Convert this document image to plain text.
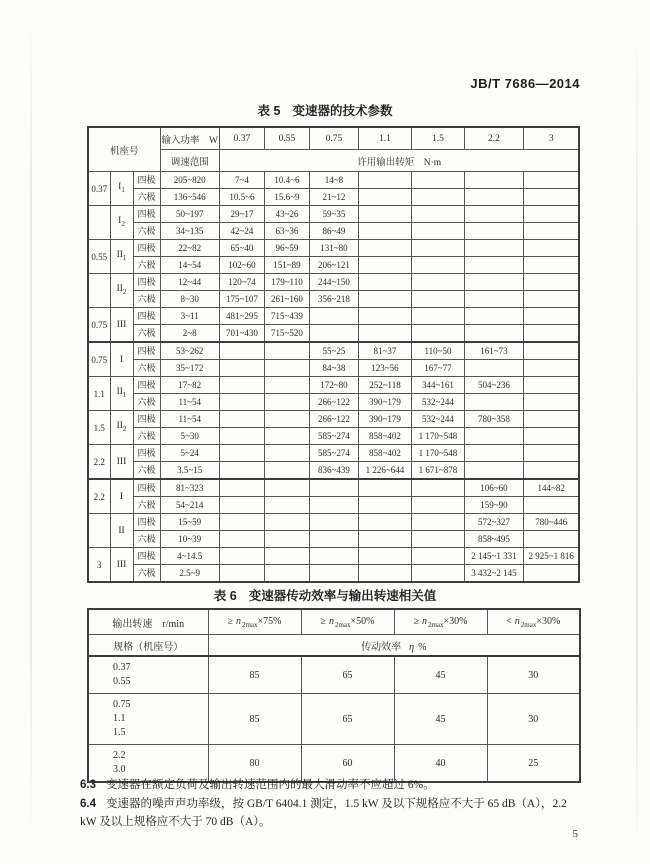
JB/T 7686—2014
表 5 变速器的技术参数
机座号			输入功率　W	0.37	0.55	0.75	1.1	1.5	2.2	3
			调速范围	许用输出转矩　N·m						
0.37	$I_1$	四极	205~820	7~4	10.4~6	14~8				
		六极	136~546	10.5~6	15.6~9	21~12				
	$I_2$	四极	50~197	29~17	43~26	59~35				
		六极	34~135	42~24	63~36	86~49				
0.55	$II_1$	四极	22~82	65~40	96~59	131~80				
		六极	14~54	102~60	151~89	206~121				
	$II_2$	四极	12~44	120~74	179~110	244~150				
		六极	8~30	175~107	261~160	356~218				
0.75	III	四极	3~11	481~295	715~439					
		六极	2~8	701~430	715~520					
0.75	I	四极	53~262			55~25	81~37	110~50	161~73	
		六极	35~172			84~38	123~56	167~77		
1.1	$II_1$	四极	17~82			172~80	252~118	344~161	504~236	
		六极	11~54			266~122	390~179	532~244		
1.5	$II_2$	四极	11~54			266~122	390~179	532~244	780~358	
		六极	5~30			585~274	858~402	1 170~548		
2.2	III	四极	5~24			585~274	858~402	1 170~548		
		六极	3.5~15			836~439	1 226~644	1 671~878		
2.2	I	四极	81~323						106~60	144~82
		六极	54~214						159~90	
	II	四极	15~59						572~327	780~446
		六极	10~39						858~495	
3	III	四极	4~14.5						2 145~1 331	2 925~1 816
		六极	2.5~9						3 432~2 145	
表 6 变速器传动效率与输出转速相关值
输出转速　r/min	≥ $n_{2max}\times 75\%$	≥ $n_{2max}\times 50\%$	≥ $n_{2max}\times 30\%$	< $n_{2max}\times 30\%$
规格（机座号）	传动效率 η %			

0.37
0.55	85	65	45	30

0.75
1.1
1.5	85	65	45	30

2.2
3.0	80	60	40	25

6.3 变速器在额定负荷及输出转速范围内的最大滑动率不应超过 6%。

6.4 变速器的噪声声功率级，按 GB/T 6404.1 测定，1.5 kW 及以下规格应不大于 65 dB（A），2.2 kW 及以上规格应不大于 70 dB（A）。

5
